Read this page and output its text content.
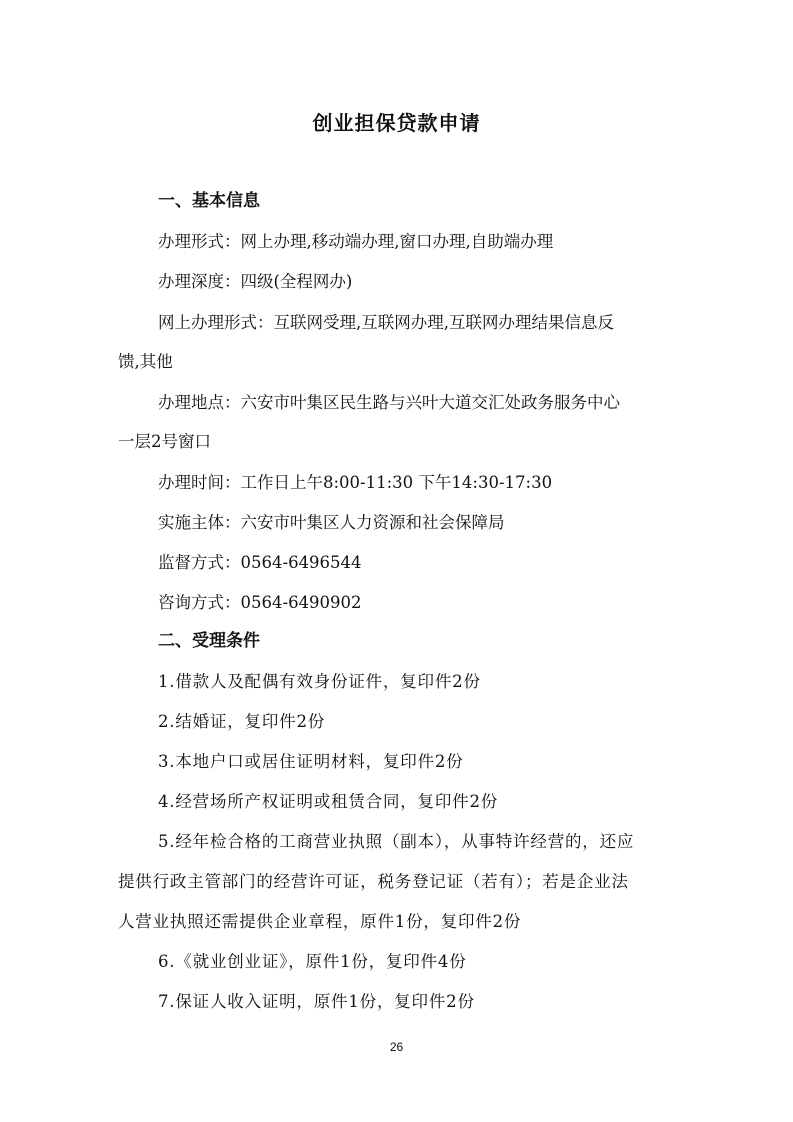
创业担保贷款申请
一、基本信息
办理形式：网上办理,移动端办理,窗口办理,自助端办理
办理深度：四级(全程网办)
网上办理形式：互联网受理,互联网办理,互联网办理结果信息反
馈,其他
办理地点：六安市叶集区民生路与兴叶大道交汇处政务服务中心
一层2号窗口
办理时间：工作日上午8:00-11:30 下午14:30-17:30
实施主体：六安市叶集区人力资源和社会保障局
监督方式：0564-6496544
咨询方式：0564-6490902
二、受理条件
1.借款人及配偶有效身份证件，复印件2份
2.结婚证，复印件2份
3.本地户口或居住证明材料，复印件2份
4.经营场所产权证明或租赁合同，复印件2份
5.经年检合格的工商营业执照（副本），从事特许经营的，还应
提供行政主管部门的经营许可证，税务登记证（若有）；若是企业法
人营业执照还需提供企业章程，原件1份，复印件2份
6.《就业创业证》，原件1份，复印件4份
7.保证人收入证明，原件1份，复印件2份
26
